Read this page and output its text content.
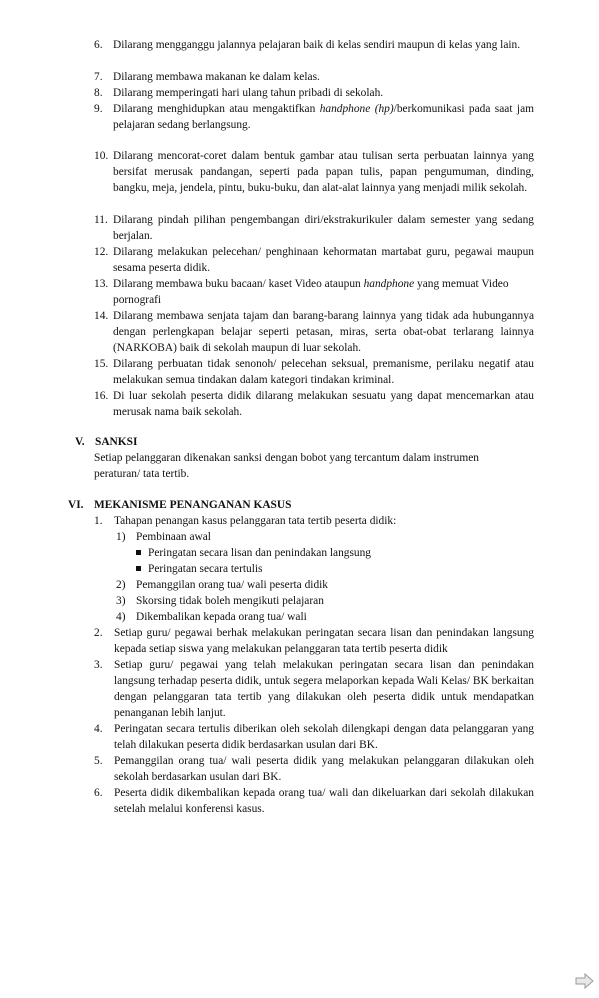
6. Dilarang mengganggu jalannya pelajaran baik di kelas sendiri maupun di kelas yang lain.
7. Dilarang membawa makanan ke dalam kelas.
8. Dilarang memperingati hari ulang tahun pribadi di sekolah.
9. Dilarang menghidupkan atau mengaktifkan handphone (hp)/berkomunikasi pada saat jam pelajaran sedang berlangsung.
10. Dilarang mencorat-coret dalam bentuk gambar atau tulisan serta perbuatan lainnya yang bersifat merusak pandangan, seperti pada papan tulis, papan pengumuman, dinding, bangku, meja, jendela, pintu, buku-buku, dan alat-alat lainnya yang menjadi milik sekolah.
11. Dilarang pindah pilihan pengembangan diri/ekstrakurikuler dalam semester yang sedang berjalan.
12. Dilarang melakukan pelecehan/ penghinaan kehormatan martabat guru, pegawai maupun sesama peserta didik.
13. Dilarang membawa buku bacaan/ kaset Video ataupun handphone yang memuat Video pornografi
14. Dilarang membawa senjata tajam dan barang-barang lainnya yang tidak ada hubungannya dengan perlengkapan belajar seperti petasan, miras, serta obat-obat terlarang lainnya (NARKOBA) baik di sekolah maupun di luar sekolah.
15. Dilarang perbuatan tidak senonoh/ pelecehan seksual, premanisme, perilaku negatif atau melakukan semua tindakan dalam kategori tindakan kriminal.
16. Di luar sekolah peserta didik dilarang melakukan sesuatu yang dapat mencemarkan atau merusak nama baik sekolah.
V. SANKSI
Setiap pelanggaran dikenakan sanksi dengan bobot yang tercantum dalam instrumen peraturan/ tata tertib.
VI. MEKANISME PENANGANAN KASUS
1.	Tahapan penangan kasus pelanggaran tata tertib peserta didik:
1) Pembinaan awal
Peringatan secara lisan dan penindakan langsung
Peringatan secara tertulis
2) Pemanggilan orang tua/ wali peserta didik
3) Skorsing tidak boleh mengikuti pelajaran
4) Dikembalikan kepada orang tua/ wali
2.	Setiap guru/ pegawai berhak melakukan peringatan secara lisan dan penindakan langsung kepada setiap siswa yang melakukan pelanggaran tata tertib peserta didik
3.	Setiap guru/ pegawai yang telah melakukan peringatan secara lisan dan penindakan langsung terhadap peserta didik, untuk segera melaporkan kepada Wali Kelas/ BK berkaitan dengan pelanggaran tata tertib yang dilakukan oleh peserta didik untuk mendapatkan penanganan lebih lanjut.
4.	Peringatan secara tertulis diberikan oleh sekolah dilengkapi dengan data pelanggaran yang telah dilakukan peserta didik berdasarkan usulan dari BK.
5.	Pemanggilan orang tua/ wali peserta didik yang melakukan pelanggaran dilakukan oleh sekolah berdasarkan usulan dari BK.
6.	Peserta didik dikembalikan kepada orang tua/ wali dan dikeluarkan dari sekolah dilakukan setelah melalui konferensi kasus.
